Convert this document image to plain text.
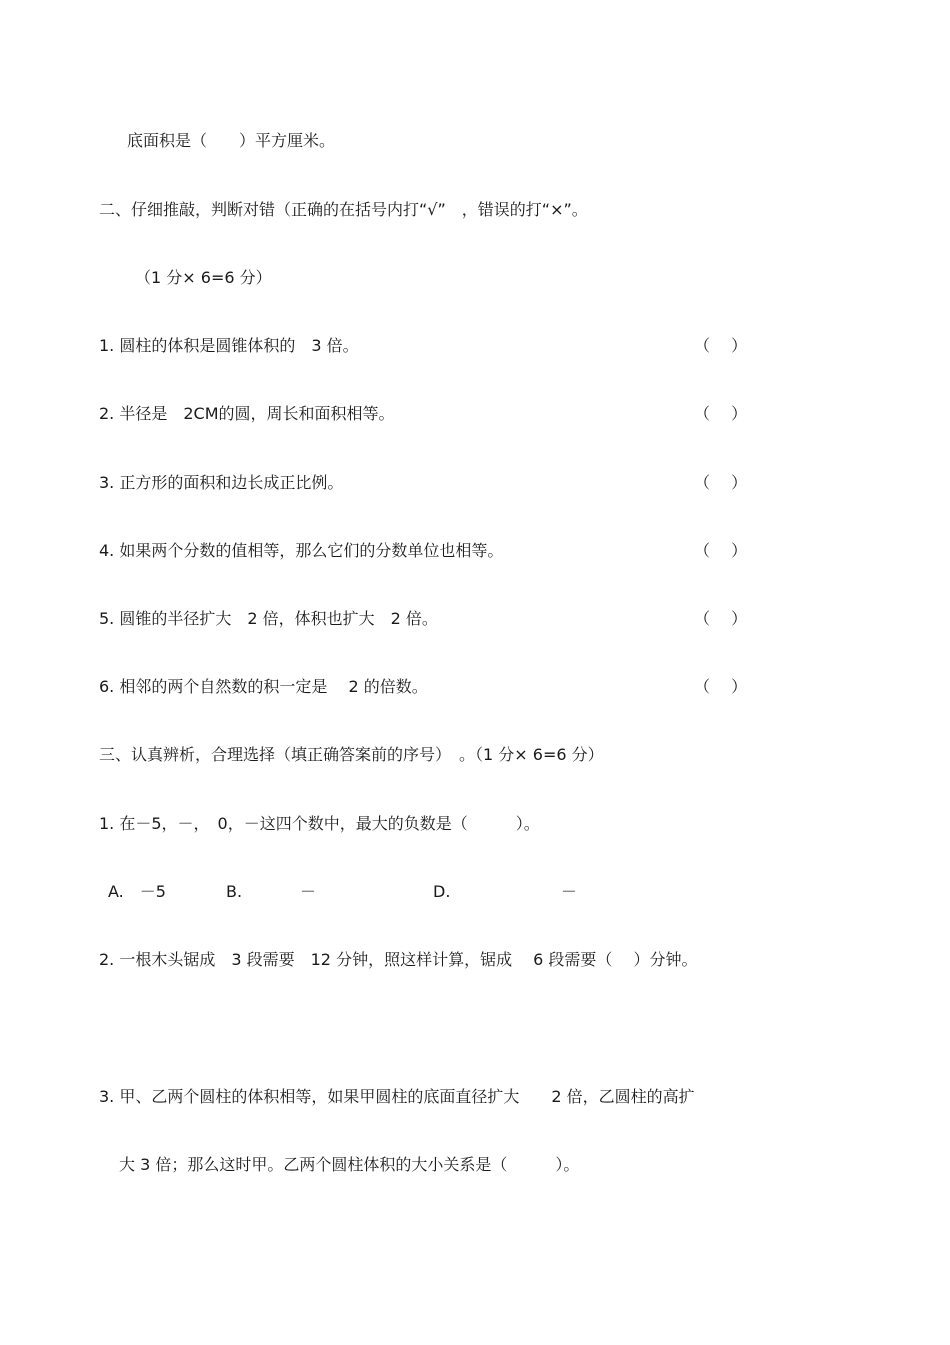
底面积是（　　）平方厘米。
二、仔细推敲，判断对错（正确的在括号内打“√”　，错误的打“×”。
（1 分× 6=6 分）
1. 圆柱的体积是圆锥体积的　3 倍。	（　 ）
2. 半径是　2CM的圆，周长和面积相等。	（　 ）
3. 正方形的面积和边长成正比例。	（　 ）
4. 如果两个分数的值相等，那么它们的分数单位也相等。	（　 ）
5. 圆锥的半径扩大　2 倍，体积也扩大　2 倍。	（　 ）
6. 相邻的两个自然数的积一定是　 2 的倍数。	（　 ）
三、认真辨析，合理选择（填正确答案前的序号）　。（1 分× 6=6 分）
1. 在－5，－，　0，－这四个数中，最大的负数是（　　　）。
A.　－5	B.	－	D.	－
2. 一根木头锯成　3 段需要　12 分钟，照这样计算，锯成　 6 段需要（　 ）分钟。
3. 甲、乙两个圆柱的体积相等，如果甲圆柱的底面直径扩大　　2 倍，乙圆柱的高扩
大 3 倍；那么这时甲。乙两个圆柱体积的大小关系是（　　　）。
